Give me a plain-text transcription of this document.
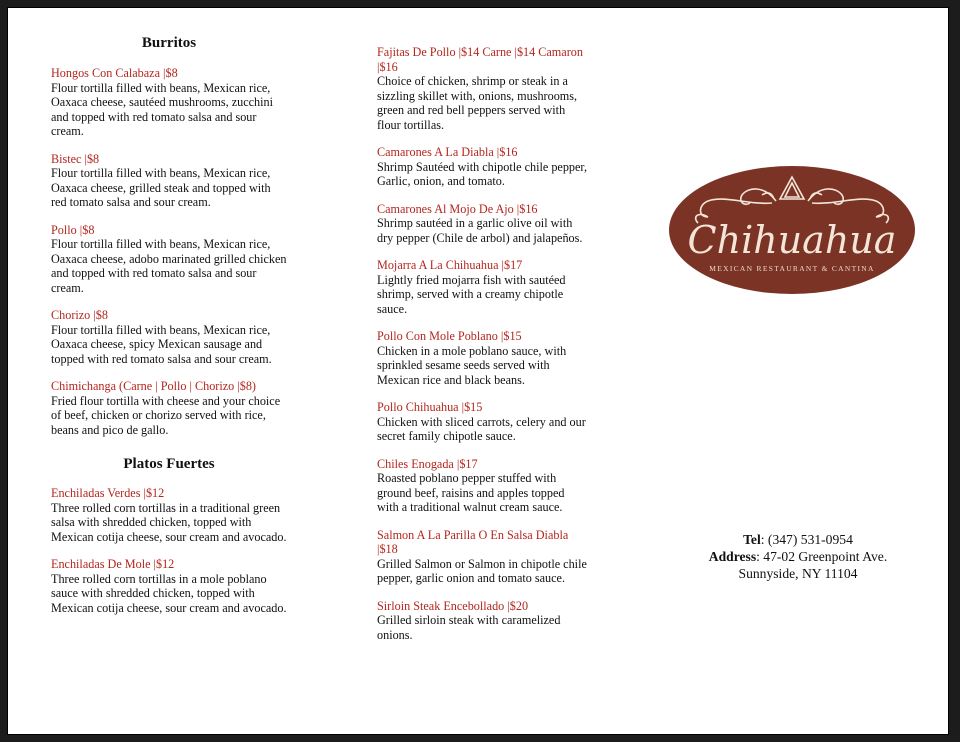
Burritos
Hongos Con Calabaza |$8
Flour tortilla filled with beans, Mexican rice, Oaxaca cheese, sautéed mushrooms, zucchini and topped with red tomato salsa and sour cream.
Bistec |$8
Flour tortilla filled with beans, Mexican rice, Oaxaca cheese, grilled steak and topped with red tomato salsa and sour cream.
Pollo |$8
Flour tortilla filled with beans, Mexican rice, Oaxaca cheese, adobo marinated grilled chicken and topped with red tomato salsa and sour cream.
Chorizo |$8
Flour tortilla filled with beans, Mexican rice, Oaxaca cheese, spicy Mexican sausage and topped with red tomato salsa and sour cream.
Chimichanga (Carne | Pollo | Chorizo |$8)
Fried flour tortilla with cheese and your choice of beef, chicken or chorizo served with rice, beans and pico de gallo.
Platos Fuertes
Enchiladas Verdes |$12
Three rolled corn tortillas in a traditional green salsa with shredded chicken, topped with Mexican cotija cheese, sour cream and avocado.
Enchiladas De Mole |$12
Three rolled corn tortillas in a mole poblano sauce with shredded chicken, topped with Mexican cotija cheese, sour cream and avocado.
Fajitas De Pollo |$14 Carne |$14 Camaron |$16
Choice of chicken, shrimp or steak in a sizzling skillet with, onions, mushrooms, green and red bell peppers served with flour tortillas.
Camarones A La Diabla |$16
Shrimp Sautéed with chipotle chile pepper, Garlic, onion, and tomato.
Camarones Al Mojo De Ajo |$16
Shrimp sautéed in a garlic olive oil with dry pepper (Chile de arbol) and jalapeños.
Mojarra A La Chihuahua |$17
Lightly fried mojarra fish with sautéed shrimp, served with a creamy chipotle sauce.
Pollo Con Mole Poblano |$15
Chicken in a mole poblano sauce, with sprinkled sesame seeds served with Mexican rice and black beans.
Pollo Chihuahua |$15
Chicken with sliced carrots, celery and our secret family chipotle sauce.
Chiles Enogada |$17
Roasted poblano pepper stuffed with ground beef, raisins and apples topped with a traditional walnut cream sauce.
Salmon A La Parilla O En Salsa Diabla |$18
Grilled Salmon or Salmon in chipotle chile pepper, garlic onion and tomato sauce.
Sirloin Steak Encebollado |$20
Grilled sirloin steak with caramelized onions.
Chihuahua
MEXICAN RESTAURANT & CANTINA
Tel: (347) 531-0954
Address: 47-02 Greenpoint Ave.
Sunnyside, NY 11104
